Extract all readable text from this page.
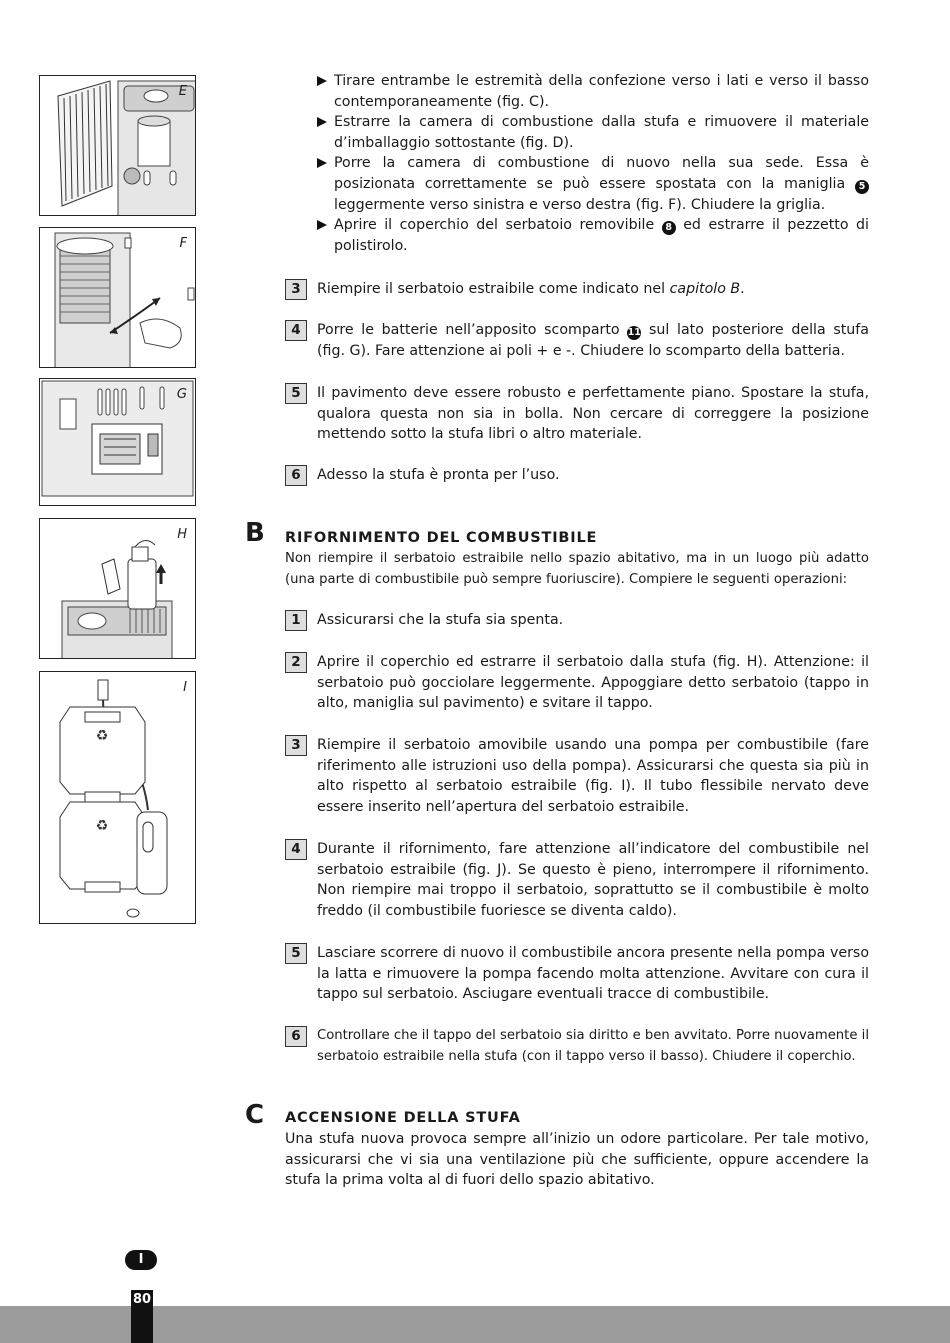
E
F
G
H
♻
♻
I
Tirare entrambe le estremità della confezione verso i lati e verso il basso contemporaneamente (fig. C).
Estrarre la camera di combustione dalla stufa e rimuovere il materiale d’imballaggio sottostante (fig. D).
Porre la camera di combustione di nuovo nella sua sede. Essa è posizionata correttamente se può essere spostata con la maniglia 5 leggermente verso sinistra e verso destra (fig. F). Chiudere la griglia.
Aprire il coperchio del serbatoio removibile 8 ed estrarre il pezzetto di polistirolo.
3	Riempire il serbatoio estraibile come indicato nel capitolo B.
4	Porre le batterie nell’apposito scomparto 11 sul lato posteriore della stufa (fig. G). Fare attenzione ai poli + e -. Chiudere lo scomparto della batteria.
5	Il pavimento deve essere robusto e perfettamente piano. Spostare la stufa, qualora questa non sia in bolla. Non cercare di correggere la posizione mettendo sotto la stufa libri o altro materiale.
6	Adesso la stufa è pronta per l’uso.
B RIFORNIMENTO DEL COMBUSTIBILE
Non riempire il serbatoio estraibile nello spazio abitativo, ma in un luogo più adatto (una parte di combustibile può sempre fuoriuscire). Compiere le seguenti operazioni:
1	Assicurarsi che la stufa sia spenta.
2	Aprire il coperchio ed estrarre il serbatoio dalla stufa (fig. H). Attenzione: il serbatoio può gocciolare leggermente. Appoggiare detto serbatoio (tappo in alto, maniglia sul pavimento) e svitare il tappo.
3	Riempire il serbatoio amovibile usando una pompa per combustibile (fare riferimento alle istruzioni uso della pompa). Assicurarsi che questa sia più in alto rispetto al serbatoio estraibile (fig. I). Il tubo flessibile nervato deve essere inserito nell’apertura del serbatoio estraibile.
4	Durante il rifornimento, fare attenzione all’indicatore del combustibile nel serbatoio estraibile (fig. J). Se questo è pieno, interrompere il rifornimento. Non riempire mai troppo il serbatoio, soprattutto se il combustibile è molto freddo (il combustibile fuoriesce se diventa caldo).
5	Lasciare scorrere di nuovo il combustibile ancora presente nella pompa verso la latta e rimuovere la pompa facendo molta attenzione. Avvitare con cura il tappo sul serbatoio. Asciugare eventuali tracce di combustibile.
6	Controllare che il tappo del serbatoio sia diritto e ben avvitato. Porre nuovamente il serbatoio estraibile nella stufa (con il tappo verso il basso). Chiudere il coperchio.
C ACCENSIONE DELLA STUFA
Una stufa nuova provoca sempre all’inizio un odore particolare. Per tale motivo, assicurarsi che vi sia una ventilazione più che sufficiente, oppure accendere la stufa la prima volta al di fuori dello spazio abitativo.
I
80
